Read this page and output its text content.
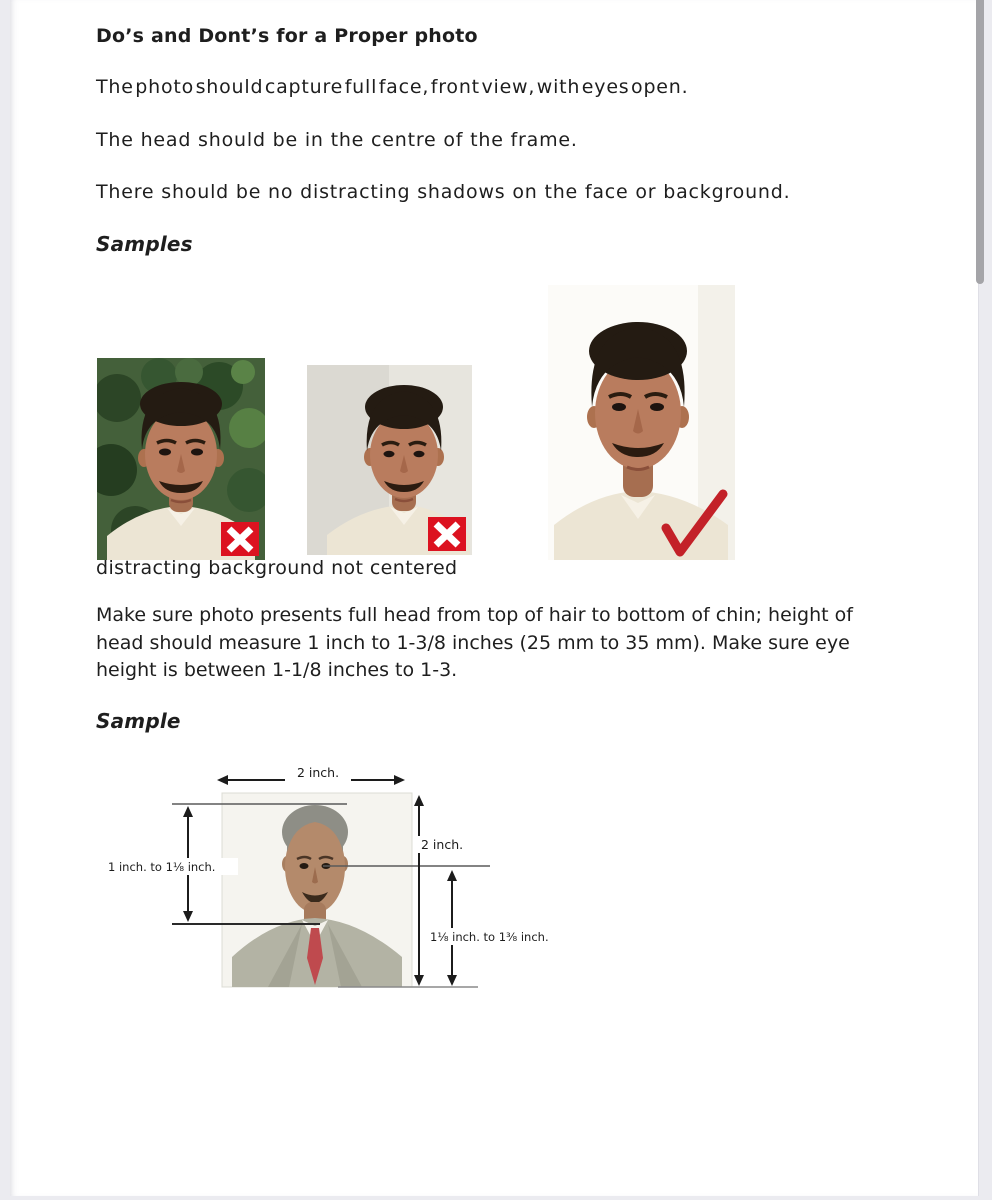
Do’s and Dont’s for a Proper photo

The photo should capture full face, front view, with eyes open.

The head should be in the centre of the frame.

There should be no distracting shadows on the face or background.

Samples
distracting background not centered
Make sure photo presents full head from top of hair to bottom of chin; height of
head should measure 1 inch to 1-3/8 inches (25 mm to 35 mm). Make sure eye
height is between 1-1/8 inches to 1-3.
Sample
2 inch.
2 inch.
1 inch. to 1⅛ inch.
1⅛ inch. to 1⅜ inch.
